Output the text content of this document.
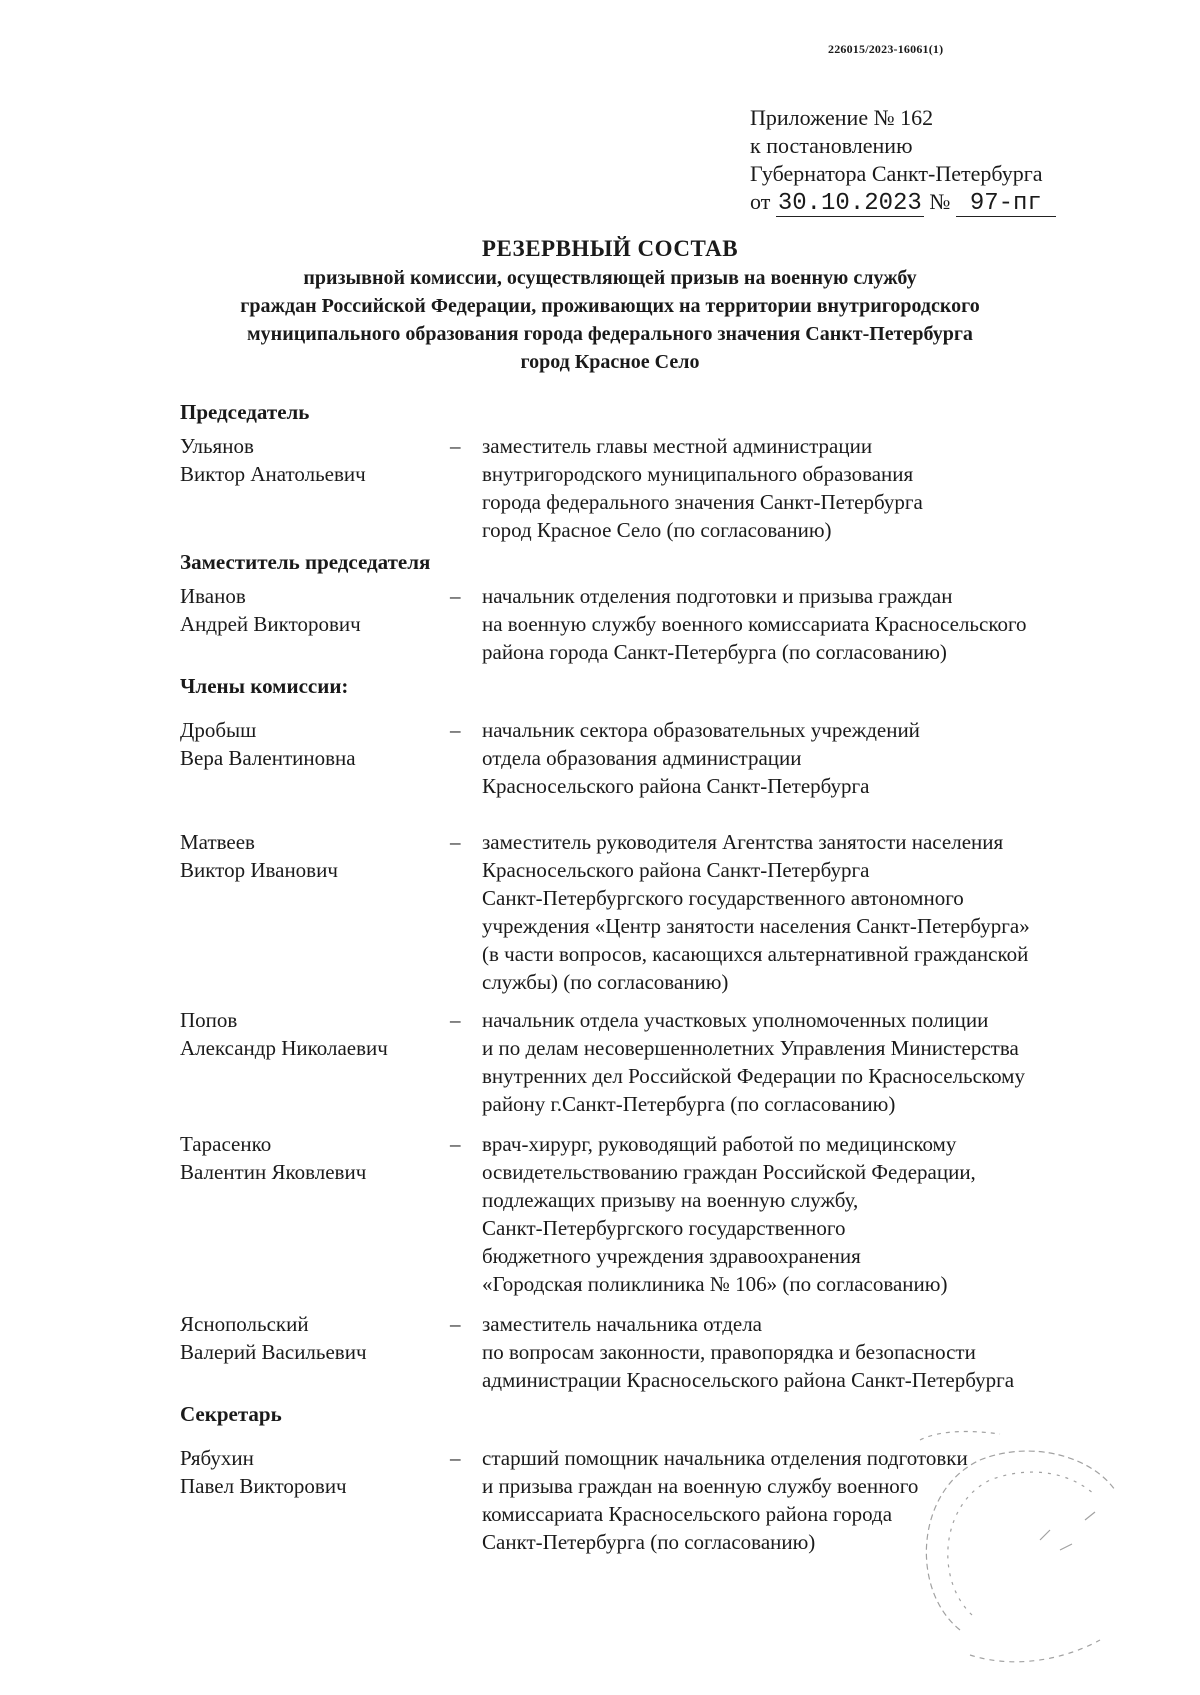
226015/2023-16061(1)
Приложение № 162
к постановлению
Губернатора Санкт-Петербурга
от 30.10.2023 № 97-пг
РЕЗЕРВНЫЙ СОСТАВ
призывной комиссии, осуществляющей призыв на военную службу
граждан Российской Федерации, проживающих на территории внутригородского
муниципального образования города федерального значения Санкт-Петербурга
город Красное Село
Председатель
Ульянов
Виктор Анатольевич
–	заместитель главы местной администрации
внутригородского муниципального образования
города федерального значения Санкт-Петербурга
город Красное Село (по согласованию)
Заместитель председателя
Иванов
Андрей Викторович
–	начальник отделения подготовки и призыва граждан
на военную службу военного комиссариата Красносельского
района города Санкт-Петербурга (по согласованию)
Члены комиссии:
Дробыш
Вера Валентиновна
–	начальник сектора образовательных учреждений
отдела образования администрации
Красносельского района Санкт-Петербурга
Матвеев
Виктор Иванович
–	заместитель руководителя Агентства занятости населения
Красносельского района Санкт-Петербурга
Санкт-Петербургского государственного автономного
учреждения «Центр занятости населения Санкт-Петербурга»
(в части вопросов, касающихся альтернативной гражданской
службы) (по согласованию)
Попов
Александр Николаевич
–	начальник отдела участковых уполномоченных полиции
и по делам несовершеннолетних Управления Министерства
внутренних дел Российской Федерации по Красносельскому
району г.Санкт-Петербурга (по согласованию)
Тарасенко
Валентин Яковлевич
–	врач-хирург, руководящий работой по медицинскому
освидетельствованию граждан Российской Федерации,
подлежащих призыву на военную службу,
Санкт-Петербургского государственного
бюджетного учреждения здравоохранения
«Городская поликлиника № 106» (по согласованию)
Яснопольский
Валерий Васильевич
–	заместитель начальника отдела
по вопросам законности, правопорядка и безопасности
администрации Красносельского района Санкт-Петербурга
Секретарь
Рябухин
Павел Викторович
–	старший помощник начальника отделения подготовки
и призыва граждан на военную службу военного
комиссариата Красносельского района города
Санкт-Петербурга (по согласованию)
